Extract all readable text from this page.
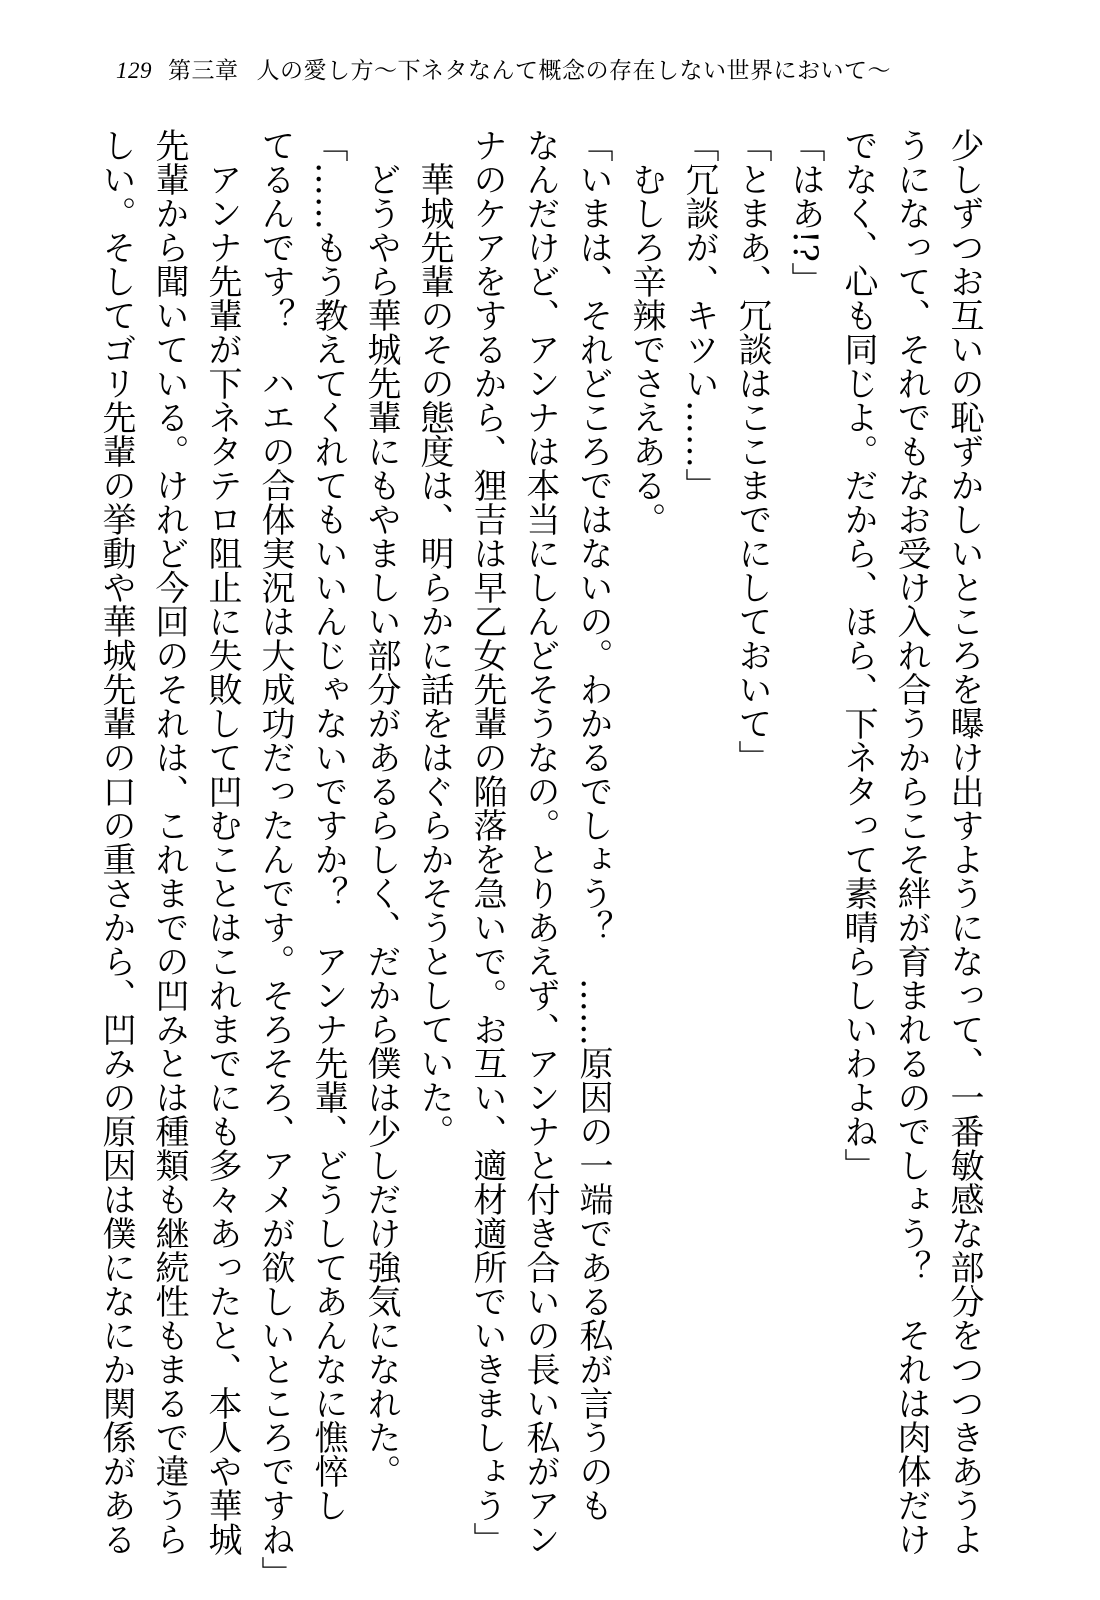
129 第三章 人の愛し方〜下ネタなんて概念の存在しない世界において〜

少しずつお互いの恥ずかしいところを曝け出すようになって、一番敏感な部分をつつきあうよ

うになって、それでもなお受け入れ合うからこそ絆が育まれるのでしょう？　それは肉体だけ

でなく、心も同じよ。だから、ほら、下ネタって素晴らしいわよね」

「はあ!?」

「とまあ、冗談はここまでにしておいて」

「冗談が、キツい……」

　むしろ辛辣でさえある。

「いまは、それどころではないの。わかるでしょう？　……原因の一端である私が言うのも

なんだけど、アンナは本当にしんどそうなの。とりあえず、アンナと付き合いの長い私がアン

ナのケアをするから、狸吉は早乙女先輩の陥落を急いで。お互い、適材適所でいきましょう」

　華城先輩のその態度は、明らかに話をはぐらかそうとしていた。

　どうやら華城先輩にもやましい部分があるらしく、だから僕は少しだけ強気になれた。

「……もう教えてくれてもいいんじゃないですか？　アンナ先輩、どうしてあんなに憔悴し

てるんです？　ハエの合体実況は大成功だったんです。そろそろ、アメが欲しいところですね」

　アンナ先輩が下ネタテロ阻止に失敗して凹むことはこれまでにも多々あったと、本人や華城

先輩から聞いている。けれど今回のそれは、これまでの凹みとは種類も継続性もまるで違うら

しい。そしてゴリ先輩の挙動や華城先輩の口の重さから、凹みの原因は僕になにか関係がある
